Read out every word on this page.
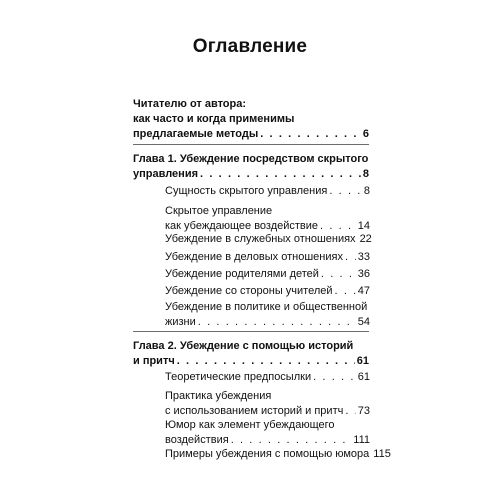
Оглавление
Читателю от автора:
как часто и когда применимы
предлагаемые методы . . .	6
Глава 1. Убеждение посредством скрытого
управления . . .	8
Сущность скрытого управления . . .	8
Скрытое управление
как убеждающее воздействие . . .	14
Убеждение в служебных отношениях 22
Убеждение в деловых отношениях . . . 33
Убеждение родителями детей . . .	36
Убеждение со стороны учителей . . . 47
Убеждение в политике и общественной
жизни . . .	54
Глава 2. Убеждение с помощью историй
и притч . . .	61
Теоретические предпосылки . . .	61
Практика убеждения
с использованием историй и притч . . . 73
Юмор как элемент убеждающего
воздействия . . .	111
Примеры убеждения с помощью юмора 115
